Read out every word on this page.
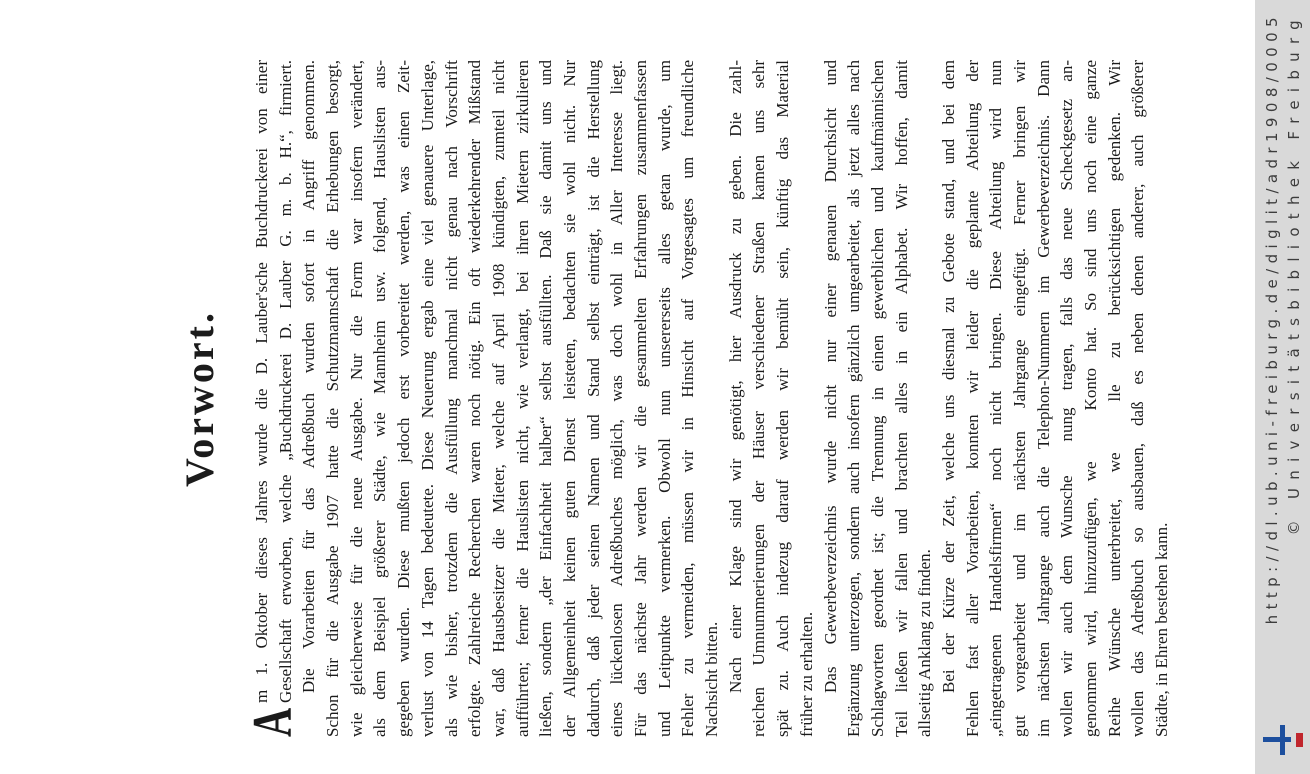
Vorwort.
A
m 1. Oktober dieses Jahres wurde die D. Lauber'sche Buchdruckerei von einer Gesellschaft erworben, welche „Buchdruckerei D. Lauber G. m. b. H.“, firmiert. Die Vorarbeiten für das Adreßbuch wurden sofort in Angriff genommen. Schon für die Ausgabe 1907 hatte die Schutzmannschaft die Erhebungen besorgt, wie gleicherweise für die neue Ausgabe. Nur die Form war insofern verändert, als dem Beispiel größerer Städte, wie Mannheim usw. folgend, Hauslisten aus- gegeben wurden. Diese mußten jedoch erst vorbereitet werden, was einen Zeit- verlust von 14 Tagen bedeutete. Diese Neuerung ergab eine viel genauere Unterlage, als wie bisher, trotzdem die Ausfüllung manchmal nicht genau nach Vorschrift erfolgte. Zahlreiche Recherchen waren noch nötig. Ein oft wiederkehrender Mißstand war, daß Hausbesitzer die Mieter, welche auf April 1908 kündigten, zumteil nicht aufführten; ferner die Hauslisten nicht, wie verlangt, bei ihren Mietern zirkulieren ließen, sondern „der Einfachheit halber“ selbst ausfüllten. Daß sie damit uns und der Allgemeinheit keinen guten Dienst leisteten, bedachten sie wohl nicht. Nur dadurch, daß jeder seinen Namen und Stand selbst einträgt, ist die Herstellung eines lückenlosen Adreßbuches möglich, was doch wohl in Aller Interesse liegt. Für das nächste Jahr werden wir die gesammelten Erfahrungen zusammenfassen und Leitpunkte vermerken. Obwohl nun unsererseits alles getan wurde, um Fehler zu vermeiden, müssen wir in Hinsicht auf Vorgesagtes um freundliche Nachsicht bitten. Nach einer Klage sind wir genötigt, hier Ausdruck zu geben. Die zahl- reichen Umnummerierungen der Häuser verschiedener Straßen kamen uns sehr spät zu. Auch indezug darauf werden wir bemüht sein, künftig das Material früher zu erhalten. Das Gewerbeverzeichnis wurde nicht nur einer genauen Durchsicht und Ergänzung unterzogen, sondern auch insofern gänzlich umgearbeitet, als jetzt alles nach Schlagworten geordnet ist; die Trennung in einen gewerblichen und kaufmännischen Teil ließen wir fallen und brachten alles in ein Alphabet. Wir hoffen, damit allseitig Anklang zu finden. Bei der Kürze der Zeit, welche uns diesmal zu Gebote stand, und bei dem Fehlen fast aller Vorarbeiten, konnten wir leider die geplante Abteilung der „eingetragenen Handelsfirmen“ noch nicht bringen. Diese Abteilung wird nun gut vorgearbeitet und im nächsten Jahrgange eingefügt. Ferner bringen wir im nächsten Jahrgange auch die Telephon-Nummern im Gewerbeverzeichnis. Dann wollen wir auch dem Wunsche  nung tragen, falls das neue Scheckgesetz an- genommen wird, hinzuzufügen, we   Konto hat. So sind uns noch eine ganze Reihe Wünsche unterbreitet, we   lle zu berücksichtigen gedenken. Wir wollen das Adreßbuch so ausbauen, daß es neben denen anderer, auch größerer Städte, in Ehren bestehen kann.
http://dl.ub.uni-freiburg.de/diglit/adr1908/0005 © Universitätsbibliothek Freiburg
